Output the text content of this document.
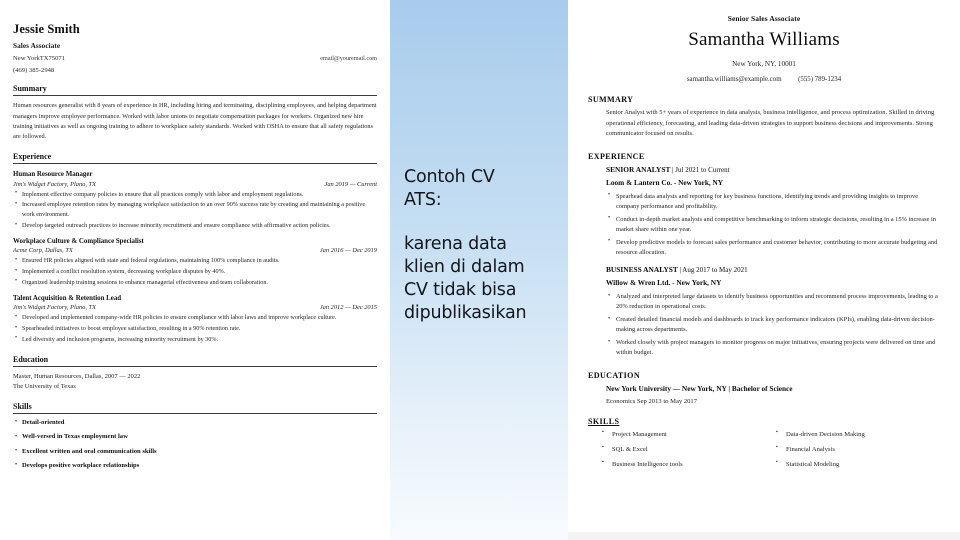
Jessie Smith
Sales Associate
New YorkTX75071	email@youremail.com
(469) 385-2948
Summary
Human resources generalist with 8 years of experience in HR, including hiring and terminating, disciplining employees, and helping department managers improve employee performance. Worked with labor unions to negotiate compensation packages for workers. Organized new hire training initiatives as well as ongoing training to adhere to workplace safety standards. Worked with OSHA to ensure that all safety regulations are followed.
Experience
Human Resource Manager
Jim's Widget Factory, Plano, TX	Jan 2019 — Current
• Implement effective company policies to ensure that all practices comply with labor and employment regulations.
• Increased employee retention rates by managing workplace satisfaction to an over 90% success rate by creating and maintaining a positive work environment.
• Develop targeted outreach practices to increase minority recruitment and ensure compliance with affirmative action policies.
Workplace Culture & Compliance Specialist
Acme Corp, Dallas, TX	Jan 2016 — Dec 2019
• Ensured HR policies aligned with state and federal regulations, maintaining 100% compliance in audits.
• Implemented a conflict resolution system, decreasing workplace disputes by 40%.
• Organized leadership training sessions to enhance managerial effectiveness and team collaboration.
Talent Acquisition & Retention Lead
Jim's Widget Factory, Plano, TX	Jan 2012 — Dec 2015
• Developed and implemented company-wide HR policies to ensure compliance with labor laws and improve workplace culture.
• Spearheaded initiatives to boost employee satisfaction, resulting in a 90% retention rate.
• Led diversity and inclusion programs, increasing minority recruitment by 30%.
Education
Master, Human Resources, Dallas, 2007 — 2022
The University of Texas
Skills
• Detail-oriented
• Well-versed in Texas employment law
• Excellent written and oral communication skills
• Develops positive workplace relationships
Contoh CV
ATS:
karena data
klien di dalam
CV tidak bisa
dipublikasikan
Senior Sales Associate
Samantha Williams
New York, NY, 10001
samantha.williams@example.com (555) 789-1234
SUMMARY
Senior Analyst with 5+ years of experience in data analysis, business intelligence, and process optimization. Skilled in driving operational efficiency, forecasting, and leading data-driven strategies to support business decisions and improvements. Strong communicator focused on results.
EXPERIENCE
SENIOR ANALYST | Jul 2021 to Current
Loom & Lantern Co. - New York, NY
• Spearhead data analysis and reporting for key business functions, identifying trends and providing insights to improve company performance and profitability.
• Conduct in-depth market analysis and competitive benchmarking to inform strategic decisions, resulting in a 15% increase in market share within one year.
• Develop predictive models to forecast sales performance and customer behavior, contributing to more accurate budgeting and resource allocation.
BUSINESS ANALYST | Aug 2017 to May 2021
Willow & Wren Ltd. - New York, NY
• Analyzed and interpreted large datasets to identify business opportunities and recommend process improvements, leading to a 20% reduction in operational costs.
• Created detailed financial models and dashboards to track key performance indicators (KPIs), enabling data-driven decision-making across departments.
• Worked closely with project managers to monitor progress on major initiatives, ensuring projects were delivered on time and within budget.
EDUCATION
New York University — New York, NY | Bachelor of Science
Economics Sep 2013 to May 2017
SKILLS
▪ Project Management	▪ Data-driven Decision Making
▪ SQL & Excel	▪ Financial Analysis
▪ Business Intelligence tools	▪ Statistical Modeling
